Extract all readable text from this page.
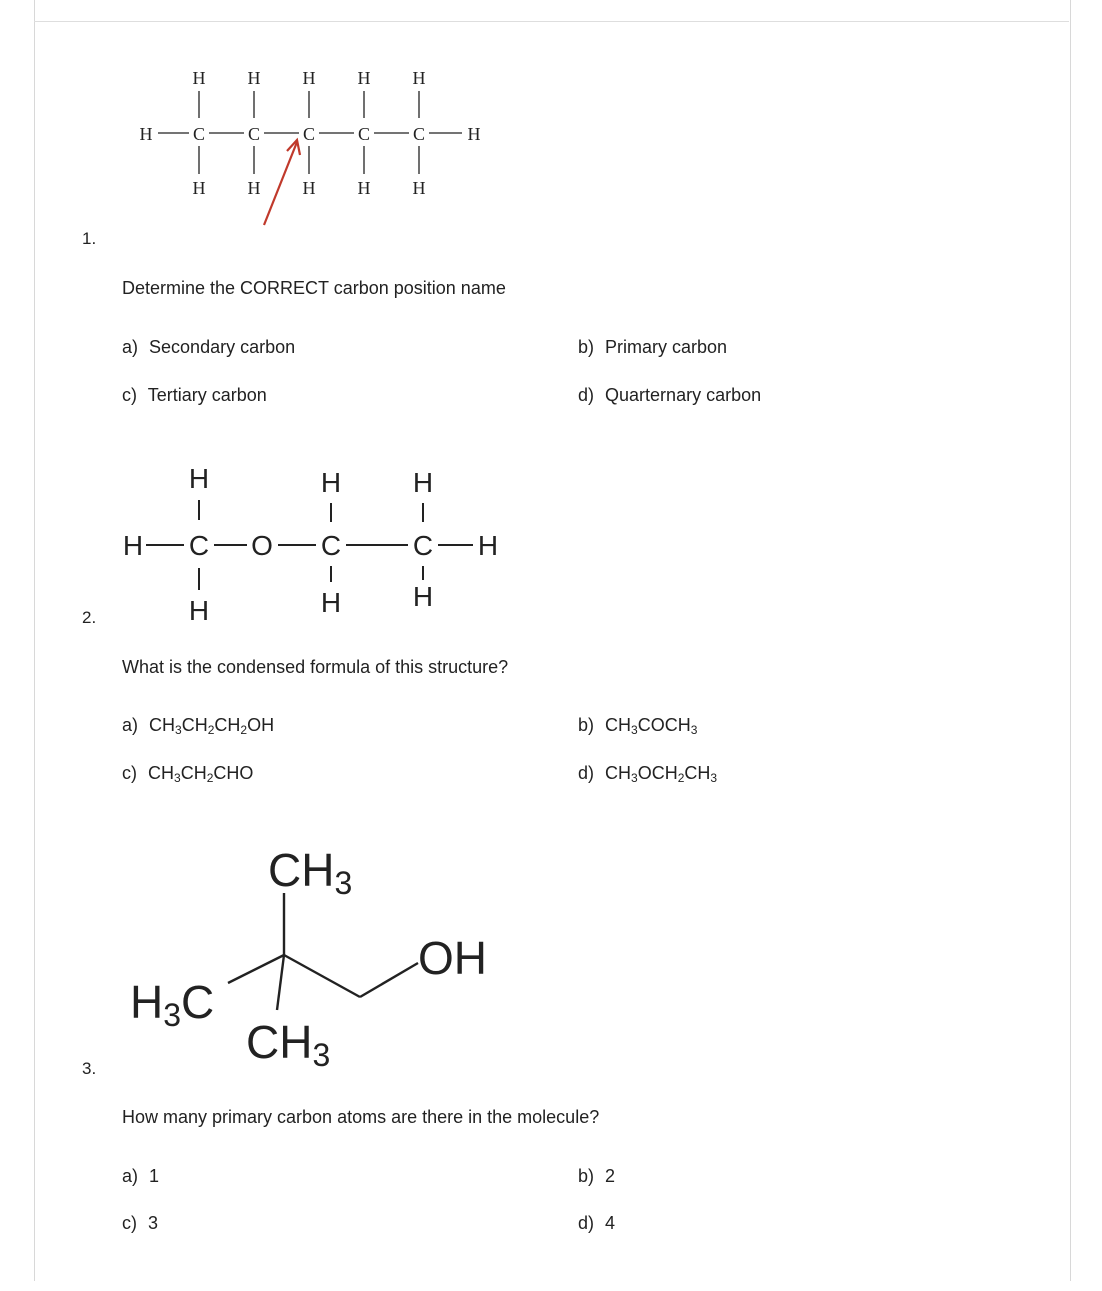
H
C
H
H
C
H
H
C
H
H
C
H
H
C
H
H	H
1.
Determine the CORRECT carbon position name
a) Secondary carbon	b) Primary carbon
c) Tertiary carbon	d) Quarternary carbon
H C O C	C H
H	H	H
H	H	H
2.
What is the condensed formula of this structure?
a) $CH_3CH_2CH_2OH$	b) $CH_3COCH_3$
c) $CH_3CH_2CHO$	d) $CH_3OCH_2CH_3$
CH3
H3C
CH3
OH
3.
How many primary carbon atoms are there in the molecule?
a) 1	b) 2
c) 3	d) 4
